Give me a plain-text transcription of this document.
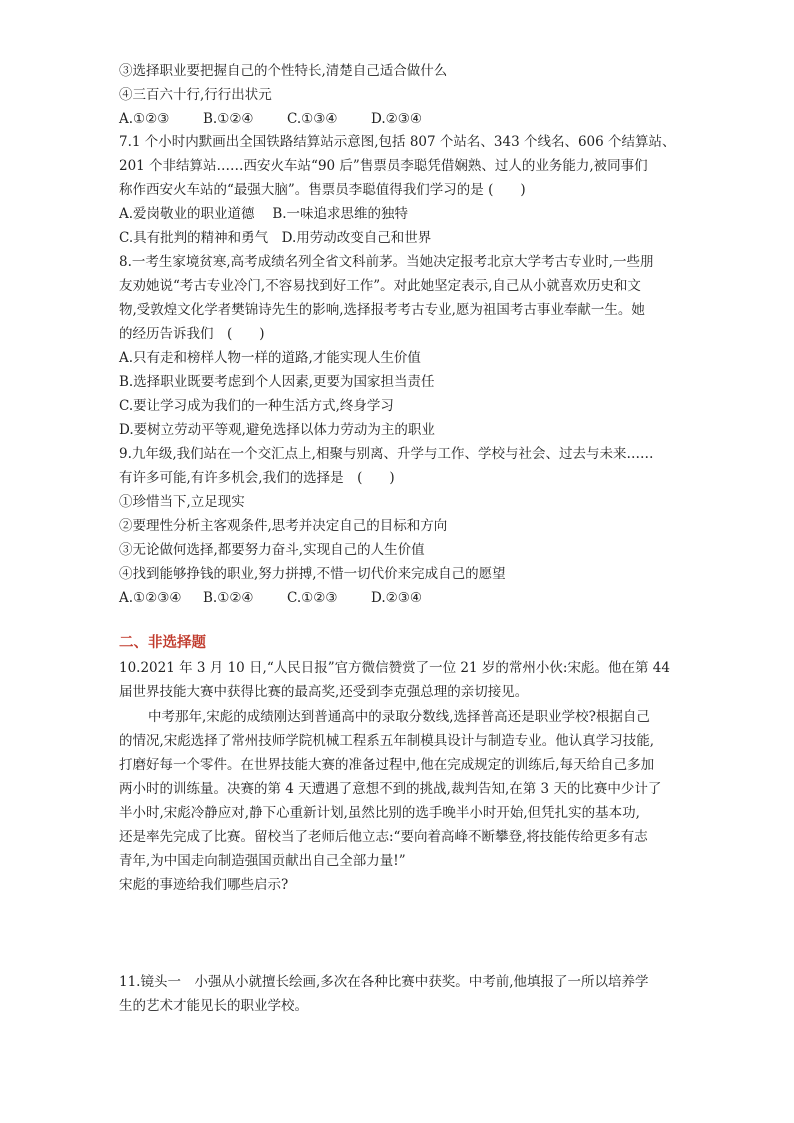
③选择职业要把握自己的个性特长,清楚自己适合做什么
④三百六十行,行行出状元
A.①②③ B.①②④ C.①③④ D.②③④
7.1 个小时内默画出全国铁路结算站示意图,包括 807 个站名、343 个线名、606 个结算站、
201 个非结算站……西安火车站“90 后”售票员李聪凭借娴熟、过人的业务能力,被同事们
称作西安火车站的“最强大脑”。售票员李聪值得我们学习的是 (　　)
A.爱岗敬业的职业道德　 B.一味追求思维的独特
C.具有批判的精神和勇气　D.用劳动改变自己和世界
8.一考生家境贫寒,高考成绩名列全省文科前茅。当她决定报考北京大学考古专业时,一些朋
友劝她说“考古专业冷门,不容易找到好工作”。对此她坚定表示,自己从小就喜欢历史和文
物,受敦煌文化学者樊锦诗先生的影响,选择报考考古专业,愿为祖国考古事业奉献一生。她
的经历告诉我们　(　　)
A.只有走和榜样人物一样的道路,才能实现人生价值
B.选择职业既要考虑到个人因素,更要为国家担当责任
C.要让学习成为我们的一种生活方式,终身学习
D.要树立劳动平等观,避免选择以体力劳动为主的职业
9.九年级,我们站在一个交汇点上,相聚与别离、升学与工作、学校与社会、过去与未来……
有许多可能,有许多机会,我们的选择是　(　　)
①珍惜当下,立足现实
②要理性分析主客观条件,思考并决定自己的目标和方向
③无论做何选择,都要努力奋斗,实现自己的人生价值
④找到能够挣钱的职业,努力拼搏,不惜一切代价来完成自己的愿望
A.①②③④ B.①②④ C.①②③ D.②③④
二、非选择题
10.2021 年 3 月 10 日,“人民日报”官方微信赞赏了一位 21 岁的常州小伙:宋彪。他在第 44
届世界技能大赛中获得比赛的最高奖,还受到李克强总理的亲切接见。
中考那年,宋彪的成绩刚达到普通高中的录取分数线,选择普高还是职业学校?根据自己
的情况,宋彪选择了常州技师学院机械工程系五年制模具设计与制造专业。他认真学习技能,
打磨好每一个零件。在世界技能大赛的准备过程中,他在完成规定的训练后,每天给自己多加
两小时的训练量。决赛的第 4 天遭遇了意想不到的挑战,裁判告知,在第 3 天的比赛中少计了
半小时,宋彪冷静应对,静下心重新计划,虽然比别的选手晚半小时开始,但凭扎实的基本功,
还是率先完成了比赛。留校当了老师后他立志:“要向着高峰不断攀登,将技能传给更多有志
青年,为中国走向制造强国贡献出自己全部力量!”
宋彪的事迹给我们哪些启示?
11.镜头一　小强从小就擅长绘画,多次在各种比赛中获奖。中考前,他填报了一所以培养学
生的艺术才能见长的职业学校。
